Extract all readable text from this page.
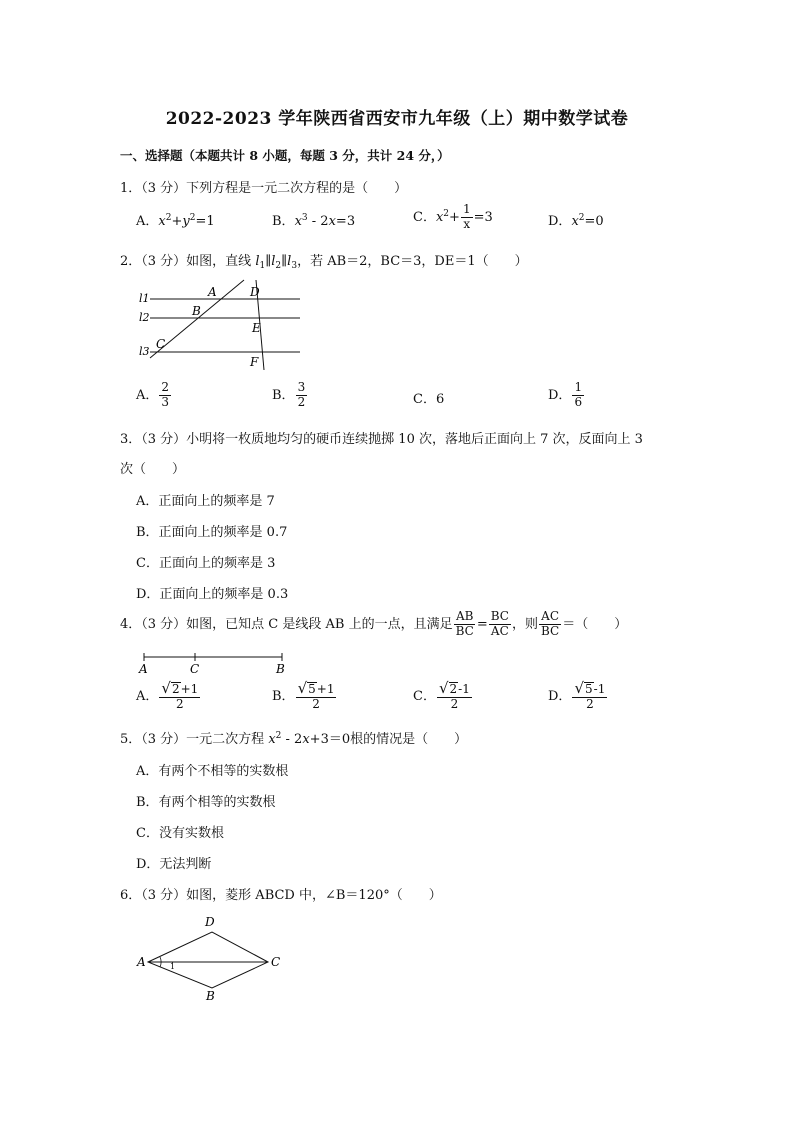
2022-2023 学年陕西省西安市九年级（上）期中数学试卷
一、选择题（本题共计 8 小题，每题 3 分，共计 24 分，）
1．（3 分）下列方程是一元二次方程的是（　　）
A．$x^2+y^2=1$	B．$x^3 - 2x=3$	C．$x^2+ \frac{1}{x} =3$	D．$x^2=0$
2．（3 分）如图，直线 $l_1\parallel l_2\parallel l_3$，若 AB＝2，BC＝3，DE＝1（　　）
l1
l2
l3
A
B
C
D
E
F
A． $\frac{2}{3}$	B． $\frac{3}{2}$	C．6	D． $\frac{1}{6}$
3．（3 分）小明将一枚质地均匀的硬币连续抛掷 10 次，落地后正面向上 7 次，反面向上 3
次（　　）
A．正面向上的频率是 7
B．正面向上的频率是 0.7
C．正面向上的频率是 3
D．正面向上的频率是 0.3
4．（3 分）如图，已知点 C 是线段 AB 上的一点，且满足 $\frac{AB}{BC} = \frac{BC}{AC}$ ，则 $\frac{AC}{BC}$ ＝（　　）
A	C	B
A． $\frac{√ 2 +1}{2}$	B． $\frac{√ 5 +1}{2}$	C． $\frac{√ 2 -1}{2}$	D． $\frac{√ 5 -1}{2}$
5．（3 分）一元二次方程 $x^2 - 2x+3=0$根的情况是（　　）
A．有两个不相等的实数根
B．有两个相等的实数根
C．没有实数根
D．无法判断
6．（3 分）如图，菱形 ABCD 中，∠B＝120°（　　）
D
A	C
B
1
